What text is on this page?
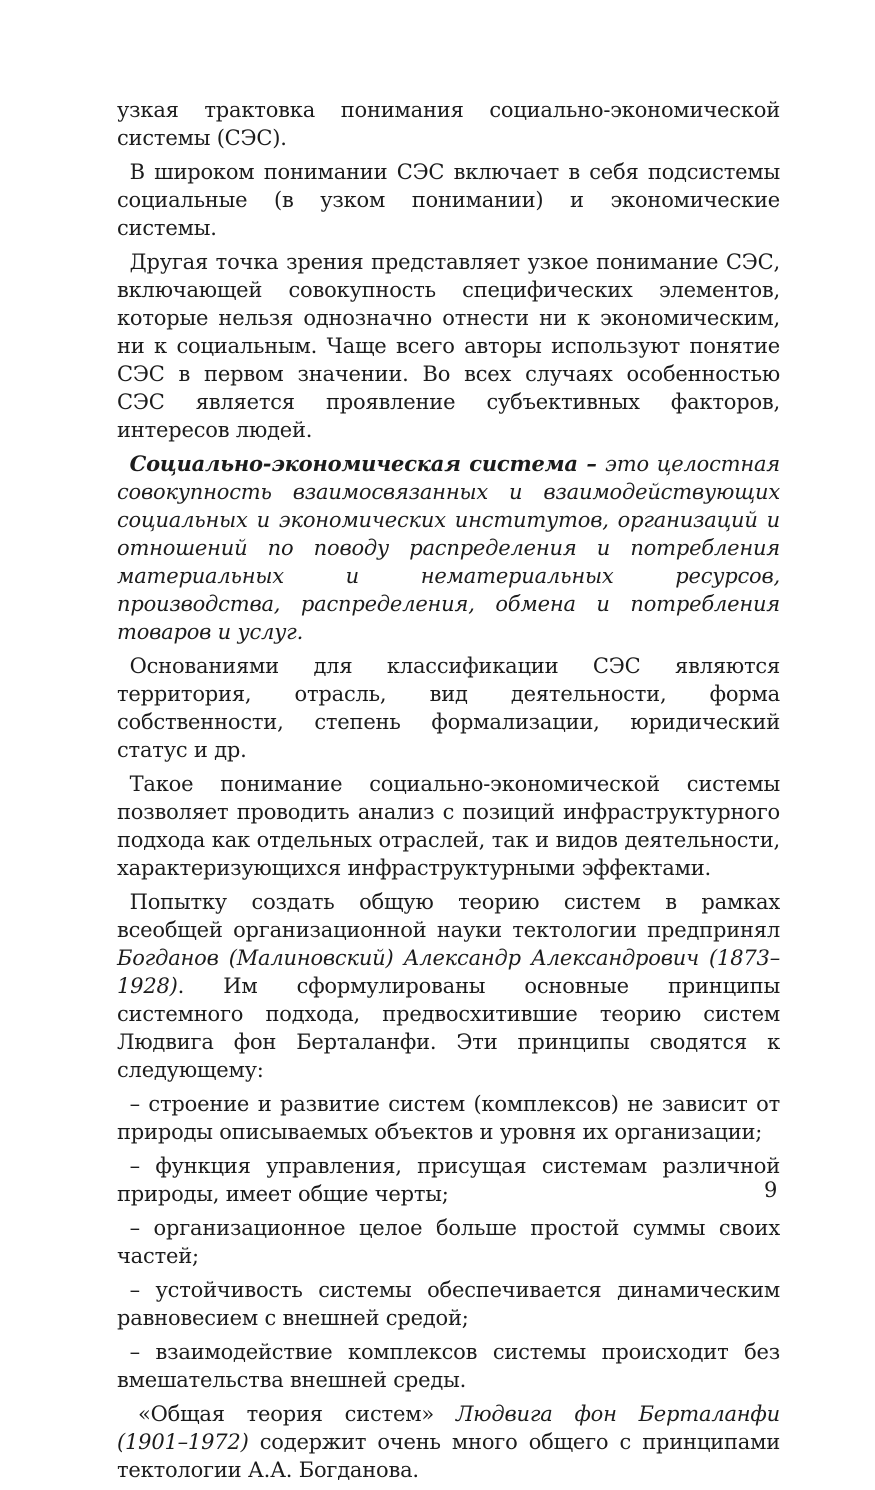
узкая трактовка понимания социально-экономической системы (СЭС).

В широком понимании СЭС включает в себя подсистемы социальные (в узком понимании) и экономические системы.

Другая точка зрения представляет узкое понимание СЭС, включающей совокупность специфических элементов, которые нельзя однозначно отнести ни к экономическим, ни к социальным. Чаще всего авторы используют понятие СЭС в первом значении. Во всех случаях особенностью СЭС является проявление субъективных факторов, интересов людей.

Социально-экономическая система – это целостная совокупность взаимосвязанных и взаимодействующих социальных и экономических институтов, организаций и отношений по поводу распределения и потребления материальных и нематериальных ресурсов, производства, распределения, обмена и потребления товаров и услуг.

Основаниями для классификации СЭС являются территория, отрасль, вид деятельности, форма собственности, степень формализации, юридический статус и др.

Такое понимание социально-экономической системы позволяет проводить анализ с позиций инфраструктурного подхода как отдельных отраслей, так и видов деятельности, характеризующихся инфраструктурными эффектами.

Попытку создать общую теорию систем в рамках всеобщей организационной науки тектологии предпринял Богданов (Малиновский) Александр Александрович (1873–1928). Им сформулированы основные принципы системного подхода, предвосхитившие теорию систем Людвига фон Берталанфи. Эти принципы сводятся к следующему:

– строение и развитие систем (комплексов) не зависит от природы описываемых объектов и уровня их организации;

– функция управления, присущая системам различной природы, имеет общие черты;

– организационное целое больше простой суммы своих частей;

– устойчивость системы обеспечивается динамическим равновесием с внешней средой;

– взаимодействие комплексов системы происходит без вмешательства внешней среды.

«Общая теория систем» Людвига фон Берталанфи (1901–1972) содержит очень много общего с принципами тектологии А.А. Богданова.

9
